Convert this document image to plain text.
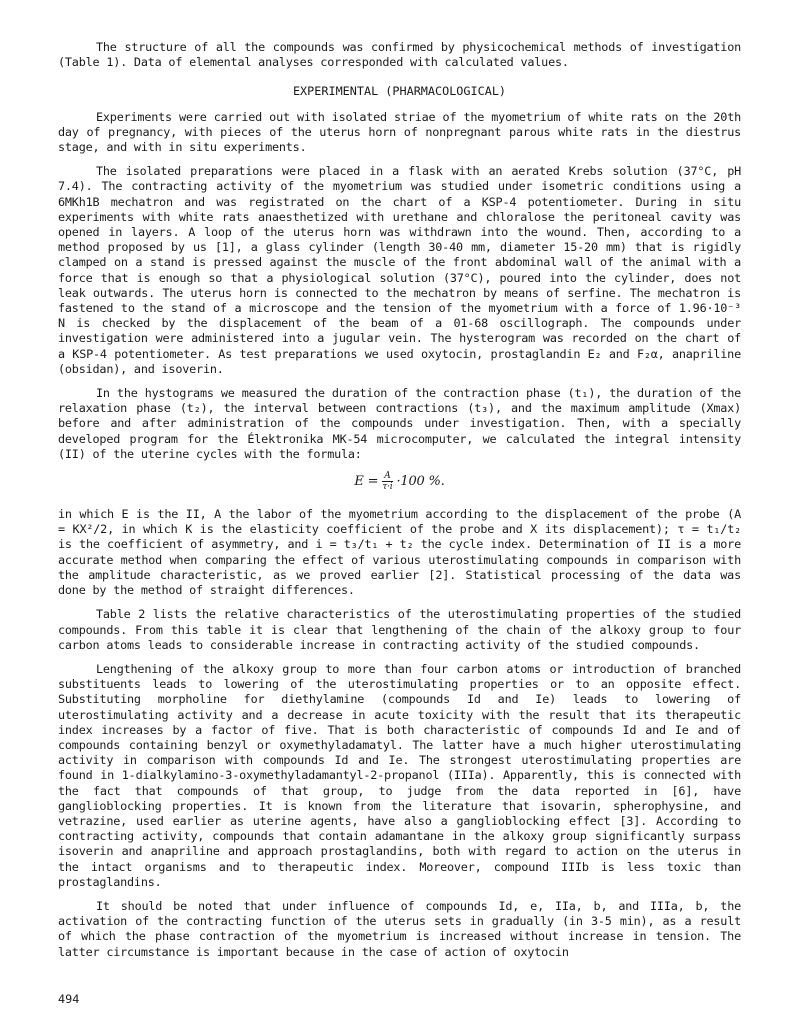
The structure of all the compounds was confirmed by physicochemical methods of investigation (Table 1). Data of elemental analyses corresponded with calculated values.

EXPERIMENTAL (PHARMACOLOGICAL)

Experiments were carried out with isolated striae of the myometrium of white rats on the 20th day of pregnancy, with pieces of the uterus horn of nonpregnant parous white rats in the diestrus stage, and with in situ experiments.

The isolated preparations were placed in a flask with an aerated Krebs solution (37°C, pH 7.4). The contracting activity of the myometrium was studied under isometric conditions using a 6MKh1B mechatron and was registrated on the chart of a KSP-4 potentiometer. During in situ experiments with white rats anaesthetized with urethane and chloralose the peritoneal cavity was opened in layers. A loop of the uterus horn was withdrawn into the wound. Then, according to a method proposed by us [1], a glass cylinder (length 30-40 mm, diameter 15-20 mm) that is rigidly clamped on a stand is pressed against the muscle of the front abdominal wall of the animal with a force that is enough so that a physiological solution (37°C), poured into the cylinder, does not leak outwards. The uterus horn is connected to the mechatron by means of serfine. The mechatron is fastened to the stand of a microscope and the tension of the myometrium with a force of 1.96·10⁻³ N is checked by the displacement of the beam of a 01-68 oscillograph. The compounds under investigation were administered into a jugular vein. The hysterogram was recorded on the chart of a KSP-4 potentiometer. As test preparations we used oxytocin, prostaglandin E₂ and F₂α, anapriline (obsidan), and isoverin.

In the hystograms we measured the duration of the contraction phase (t₁), the duration of the relaxation phase (t₂), the interval between contractions (t₃), and the maximum amplitude (Xmax) before and after administration of the compounds under investigation. Then, with a specially developed program for the Élektronika MK-54 microcomputer, we calculated the integral intensity (II) of the uterine cycles with the formula:

$E = \frac{A}{\tau\cdot i} \cdot 100$ %.

in which E is the II, A the labor of the myometrium according to the displacement of the probe (A = KX²/2, in which K is the elasticity coefficient of the probe and X its displacement); τ = t₁/t₂ is the coefficient of asymmetry, and i = t₃/t₁ + t₂ the cycle index. Determination of II is a more accurate method when comparing the effect of various uterostimulating compounds in comparison with the amplitude characteristic, as we proved earlier [2]. Statistical processing of the data was done by the method of straight differences.

Table 2 lists the relative characteristics of the uterostimulating properties of the studied compounds. From this table it is clear that lengthening of the chain of the alkoxy group to four carbon atoms leads to considerable increase in contracting activity of the studied compounds.

Lengthening of the alkoxy group to more than four carbon atoms or introduction of branched substituents leads to lowering of the uterostimulating properties or to an opposite effect. Substituting morpholine for diethylamine (compounds Id and Ie) leads to lowering of uterostimulating activity and a decrease in acute toxicity with the result that its therapeutic index increases by a factor of five. That is both characteristic of compounds Id and Ie and of compounds containing benzyl or oxymethyladamatyl. The latter have a much higher uterostimulating activity in comparison with compounds Id and Ie. The strongest uterostimulating properties are found in 1-dialkylamino-3-oxymethyladamantyl-2-propanol (IIIa). Apparently, this is connected with the fact that compounds of that group, to judge from the data reported in [6], have ganglioblocking properties. It is known from the literature that isovarin, spherophysine, and vetrazine, used earlier as uterine agents, have also a ganglioblocking effect [3]. According to contracting activity, compounds that contain adamantane in the alkoxy group significantly surpass isoverin and anapriline and approach prostaglandins, both with regard to action on the uterus in the intact organisms and to therapeutic index. Moreover, compound IIIb is less toxic than prostaglandins.

It should be noted that under influence of compounds Id, e, IIa, b, and IIIa, b, the activation of the contracting function of the uterus sets in gradually (in 3-5 min), as a result of which the phase contraction of the myometrium is increased without increase in tension. The latter circumstance is important because in the case of action of oxytocin

494
